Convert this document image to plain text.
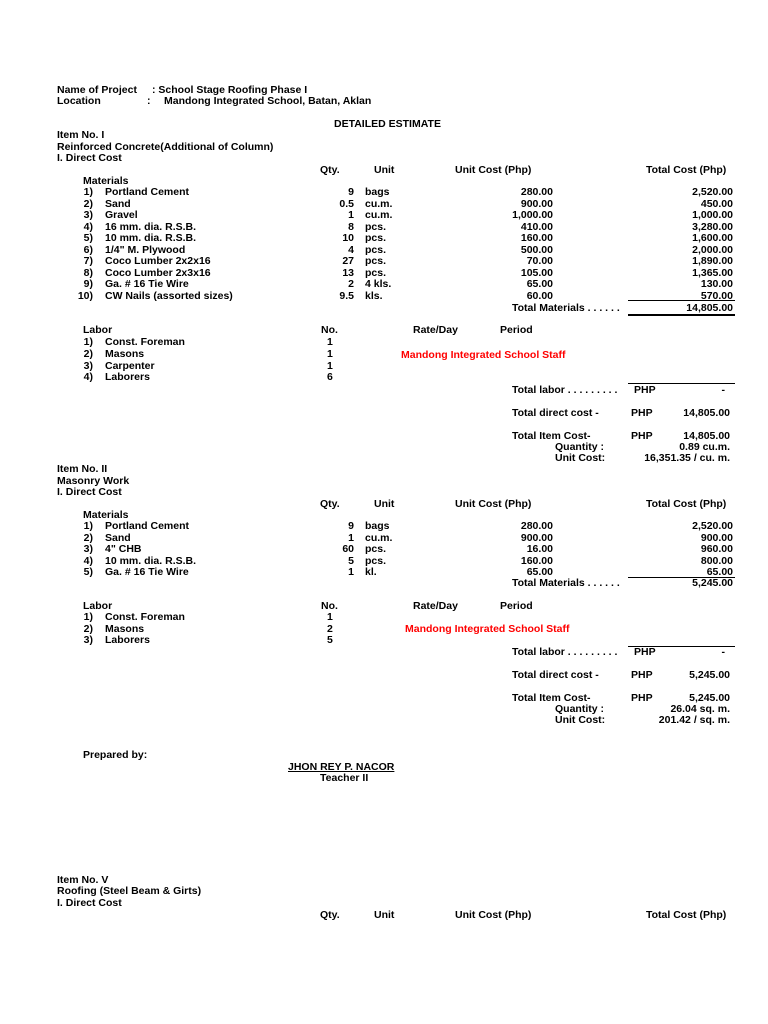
Name of Project : School Stage Roofing Phase I
Location	: Mandong Integrated School, Batan, Aklan
DETAILED ESTIMATE
Item No. I
Reinforced Concrete(Additional of Column)
I. Direct Cost
Qty.	Unit	Unit Cost (Php)	Total Cost (Php)
Materials
1) Portland Cement	9 bags	280.00	2,520.00
2) Sand	0.5 cu.m.	900.00	450.00
3) Gravel	1 cu.m.	1,000.00	1,000.00
4) 16 mm. dia. R.S.B.	8 pcs.	410.00	3,280.00
5) 10 mm. dia. R.S.B.	10 pcs.	160.00	1,600.00
6) 1/4" M. Plywood	4 pcs.	500.00	2,000.00
7) Coco Lumber 2x2x16	27 pcs.	70.00	1,890.00
8) Coco Lumber 2x3x16	13 pcs.	105.00	1,365.00
9) Ga. # 16 Tie Wire	2 4 kls.	65.00	130.00
10) CW Nails (assorted sizes)	9.5 kls.	60.00	570.00
Total Materials . . . . . .	14,805.00
Labor	No.	Rate/Day	Period
1) Const. Foreman	1
2) Masons	1
3) Carpenter	1
4) Laborers	6
Mandong Integrated School Staff
Total labor . . . . . . . . . PHP	-
Total direct cost -	PHP	14,805.00
Total Item Cost-	PHP	14,805.00
Quantity :	0.89 cu.m.
Unit Cost:	16,351.35 / cu. m.
Item No. II
Masonry Work
I. Direct Cost
Qty.	Unit	Unit Cost (Php)	Total Cost (Php)
Materials
1) Portland Cement	9 bags	280.00	2,520.00
2) Sand	1 cu.m.	900.00	900.00
3) 4" CHB	60 pcs.	16.00	960.00
4) 10 mm. dia. R.S.B.	5 pcs.	160.00	800.00
5) Ga. # 16 Tie Wire	1 kl.	65.00	65.00
Total Materials . . . . . .	5,245.00
Labor	No.	Rate/Day	Period
1) Const. Foreman	1
2) Masons	2
3) Laborers	5
Mandong Integrated School Staff
Total labor . . . . . . . . . PHP	-
Total direct cost -	PHP	5,245.00
Total Item Cost-	PHP	5,245.00
Quantity :	26.04 sq. m.
Unit Cost:	201.42 / sq. m.
Prepared by:
JHON REY P. NACOR
Teacher II
Item No. V
Roofing (Steel Beam & Girts)
I. Direct Cost
Qty.	Unit	Unit Cost (Php)	Total Cost (Php)
